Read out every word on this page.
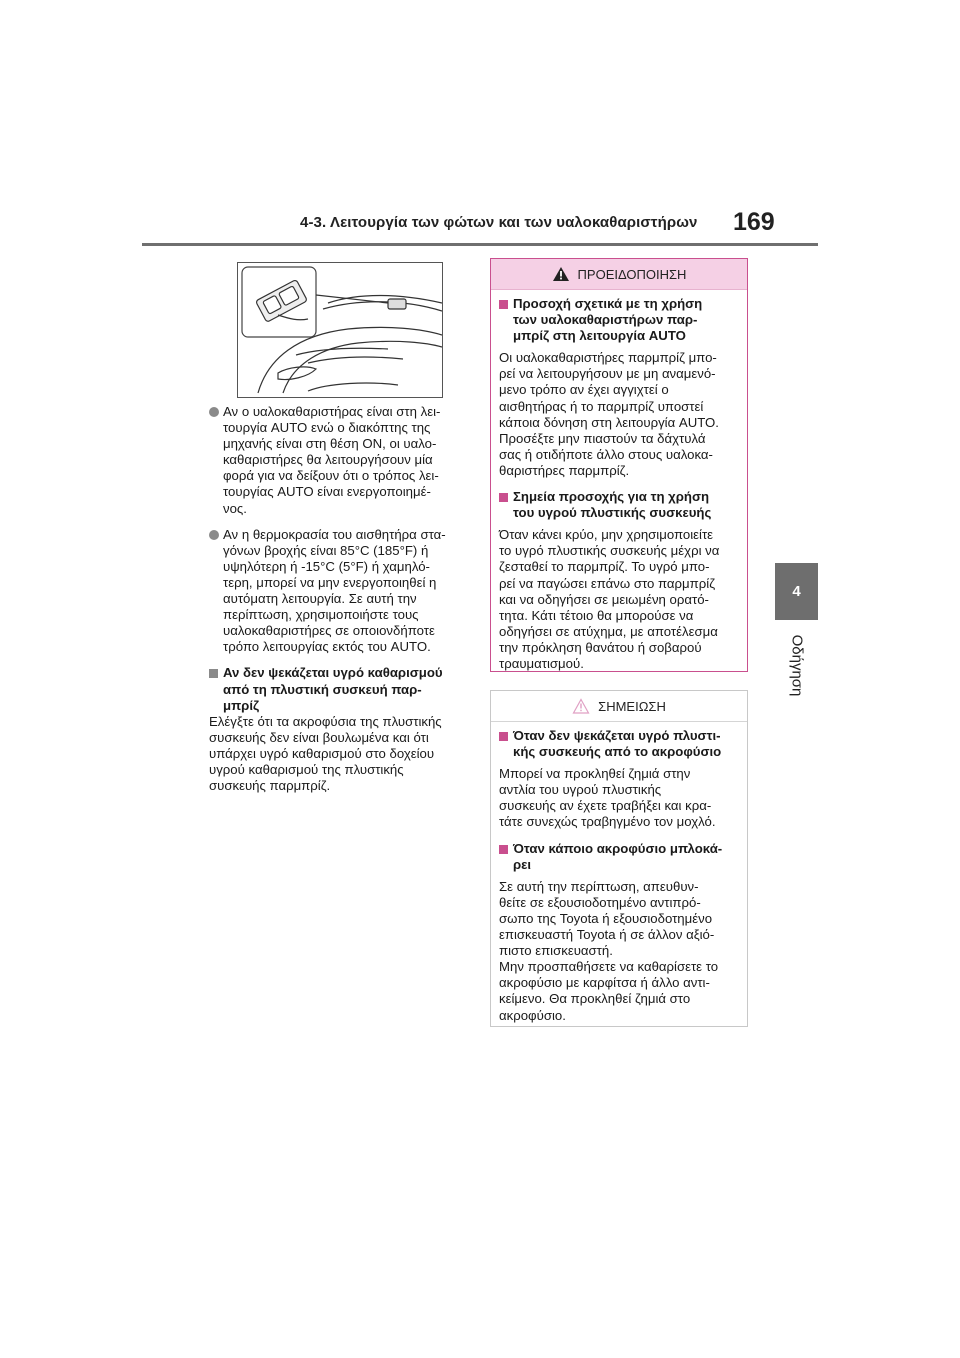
4-3. Λειτουργία των φώτων και των υαλοκαθαριστήρων 169
4
Οδήγηση

Αν ο υαλοκαθαριστήρας είναι στη λει-

τουργία AUTO ενώ ο διακόπτης της

μηχανής είναι στη θέση ON, οι υαλο-

καθαριστήρες θα λειτουργήσουν μία

φορά για να δείξουν ότι ο τρόπος λει-

τουργίας AUTO είναι ενεργοποιημέ-

νος.

Αν η θερμοκρασία του αισθητήρα στα-

γόνων βροχής είναι 85°C (185°F) ή

υψηλότερη ή -15°C (5°F) ή χαμηλό-

τερη, μπορεί να μην ενεργοποιηθεί η

αυτόματη λειτουργία. Σε αυτή την

περίπτωση, χρησιμοποιήστε τους

υαλοκαθαριστήρες σε οποιονδήποτε

τρόπο λειτουργίας εκτός του AUTO.

Αν δεν ψεκάζεται υγρό καθαρισμού

από τη πλυστική συσκευή παρ-

μπρίζ

Ελέγξτε ότι τα ακροφύσια της πλυστικής

συσκευής δεν είναι βουλωμένα και ότι

υπάρχει υγρό καθαρισμού στο δοχείου

υγρού καθαρισμού της πλυστικής

συσκευής παρμπρίζ.

ΠΡΟΕΙΔΟΠΟΙΗΣΗ

Προσοχή σχετικά με τη χρήση

των υαλοκαθαριστήρων παρ-

μπρίζ στη λειτουργία AUTO

Οι υαλοκαθαριστήρες παρμπρίζ μπο-

ρεί να λειτουργήσουν με μη αναμενό-

μενο τρόπο αν έχει αγγιχτεί ο

αισθητήρας ή το παρμπρίζ υποστεί

κάποια δόνηση στη λειτουργία AUTO.

Προσέξτε μην πιαστούν τα δάχτυλά

σας ή οτιδήποτε άλλο στους υαλοκα-

θαριστήρες παρμπρίζ.

Σημεία προσοχής για τη χρήση

του υγρού πλυστικής συσκευής

Όταν κάνει κρύο, μην χρησιμοποιείτε

το υγρό πλυστικής συσκευής μέχρι να

ζεσταθεί το παρμπρίζ. Το υγρό μπο-

ρεί να παγώσει επάνω στο παρμπρίζ

και να οδηγήσει σε μειωμένη ορατό-

τητα. Κάτι τέτοιο θα μπορούσε να

οδηγήσει σε ατύχημα, με αποτέλεσμα

την πρόκληση θανάτου ή σοβαρού

τραυματισμού.

ΣΗΜΕΙΩΣΗ

Όταν δεν ψεκάζεται υγρό πλυστι-

κής συσκευής από το ακροφύσιο

Μπορεί να προκληθεί ζημιά στην

αντλία του υγρού πλυστικής

συσκευής αν έχετε τραβήξει και κρα-

τάτε συνεχώς τραβηγμένο τον μοχλό.

Όταν κάποιο ακροφύσιο μπλοκά-

ρει

Σε αυτή την περίπτωση, απευθυν-

θείτε σε εξουσιοδοτημένο αντιπρό-

σωπο της Toyota ή εξουσιοδοτημένο

επισκευαστή Toyota ή σε άλλον αξιό-

πιστο επισκευαστή.

Μην προσπαθήσετε να καθαρίσετε το

ακροφύσιο με καρφίτσα ή άλλο αντι-

κείμενο. Θα προκληθεί ζημιά στο

ακροφύσιο.
